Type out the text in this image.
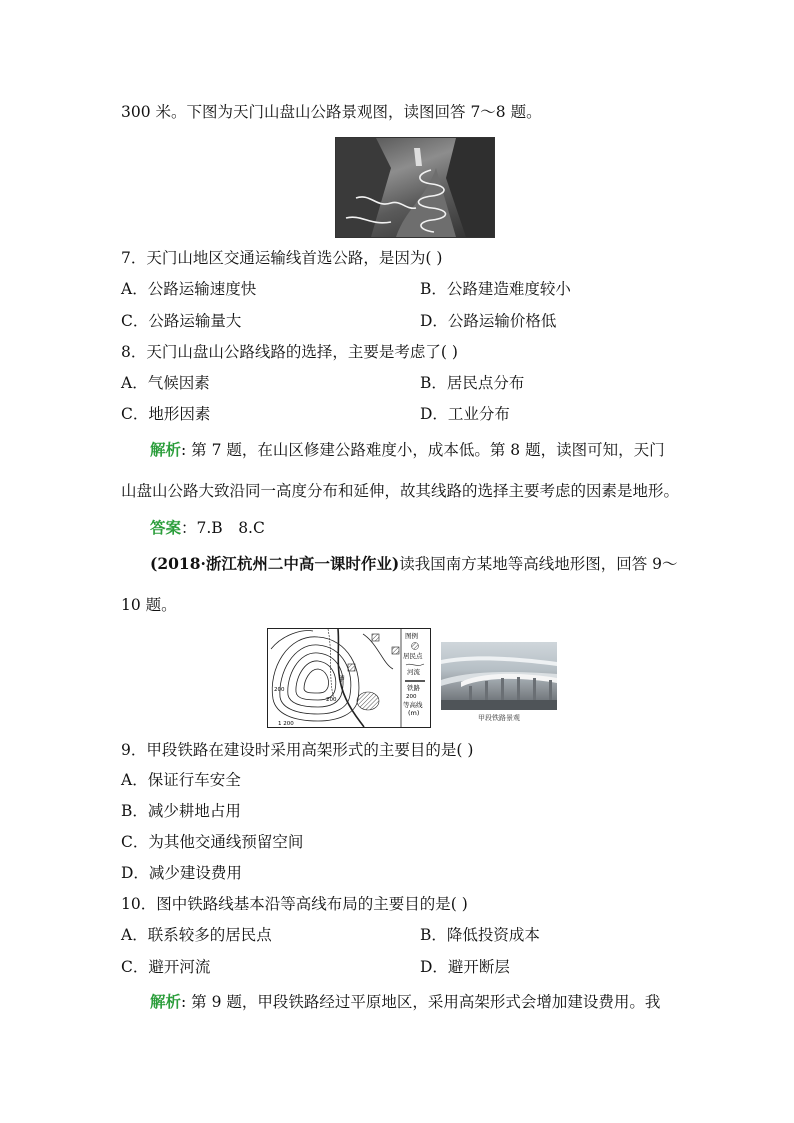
300 米。下图为天门山盘山公路景观图，读图回答 7～8 题。
7．天门山地区交通运输线首选公路，是因为( )
A．公路运输速度快	B．公路建造难度较小
C．公路运输量大	D．公路运输价格低
8．天门山盘山公路线路的选择，主要是考虑了( )
A．气候因素	B．居民点分布
C．地形因素	D．工业分布
解析: 第 7 题，在山区修建公路难度小，成本低。第 8 题，读图可知，天门
山盘山公路大致沿同一高度分布和延伸，故其线路的选择主要考虑的因素是地形。
答案：7.B　8.C
(2018·浙江杭州二中高一课时作业)读我国南方某地等高线地形图，回答 9～
10 题。
图例
居民点
河流
铁路
200
等高线
(m)
甲
200
200
1 200
甲段铁路景观
9．甲段铁路在建设时采用高架形式的主要目的是( )
A．保证行车安全
B．减少耕地占用
C．为其他交通线预留空间
D．减少建设费用
10．图中铁路线基本沿等高线布局的主要目的是( )
A．联系较多的居民点	B．降低投资成本
C．避开河流	D．避开断层
解析: 第 9 题，甲段铁路经过平原地区，采用高架形式会增加建设费用。我
